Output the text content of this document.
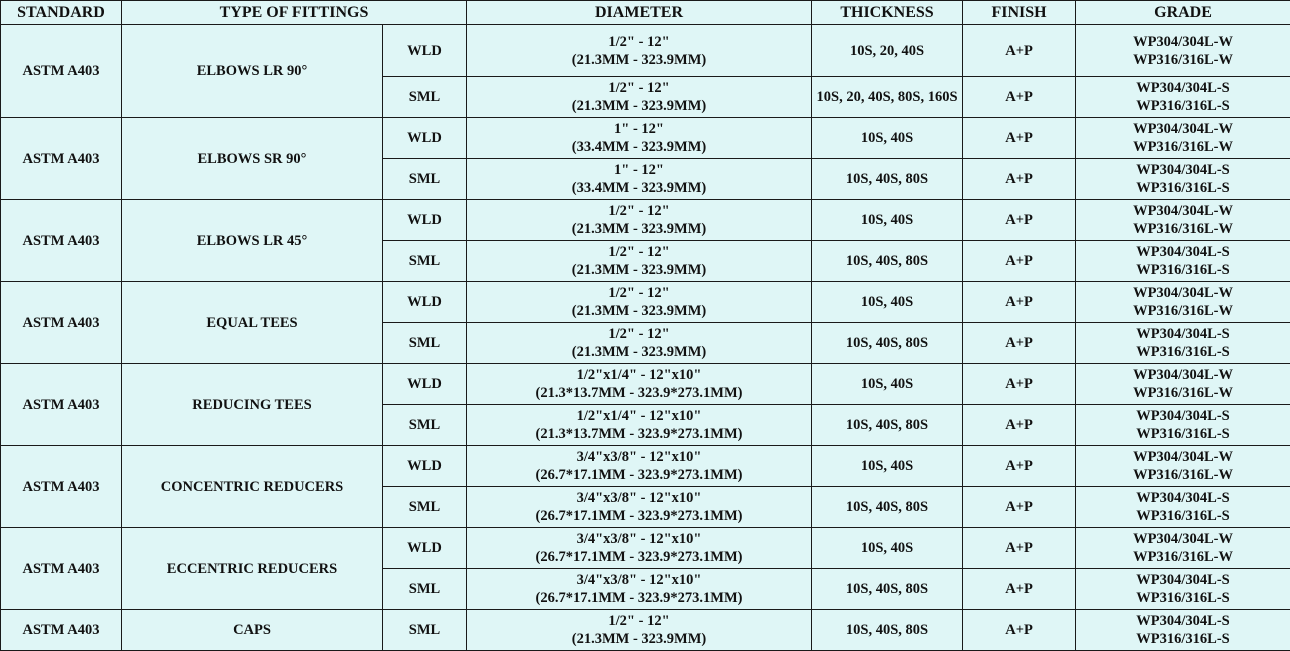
STANDARD	TYPE OF FITTINGS		DIAMETER	THICKNESS	FINISH	GRADE
ASTM A403	ELBOWS LR 90°	WLD	1/2" - 12"
(21.3MM - 323.9MM)	10S, 20, 40S	A+P	WP304/304L-W
WP316/316L-W

		SML	1/2" - 12"
(21.3MM - 323.9MM)	10S, 20, 40S, 80S, 160S	A+P	WP304/304L-S
WP316/316L-S

ASTM A403	ELBOWS SR 90°	WLD	1" - 12"
(33.4MM - 323.9MM)	10S, 40S	A+P	WP304/304L-W
WP316/316L-W

		SML	1" - 12"
(33.4MM - 323.9MM)	10S, 40S, 80S	A+P	WP304/304L-S
WP316/316L-S

ASTM A403	ELBOWS LR 45°	WLD	1/2" - 12"
(21.3MM - 323.9MM)	10S, 40S	A+P	WP304/304L-W
WP316/316L-W

		SML	1/2" - 12"
(21.3MM - 323.9MM)	10S, 40S, 80S	A+P	WP304/304L-S
WP316/316L-S

ASTM A403	EQUAL TEES	WLD	1/2" - 12"
(21.3MM - 323.9MM)	10S, 40S	A+P	WP304/304L-W
WP316/316L-W

		SML	1/2" - 12"
(21.3MM - 323.9MM)	10S, 40S, 80S	A+P	WP304/304L-S
WP316/316L-S

ASTM A403	REDUCING TEES	WLD	1/2"x1/4" - 12"x10"
(21.3*13.7MM - 323.9*273.1MM)	10S, 40S	A+P	WP304/304L-W
WP316/316L-W

		SML	1/2"x1/4" - 12"x10"
(21.3*13.7MM - 323.9*273.1MM)	10S, 40S, 80S	A+P	WP304/304L-S
WP316/316L-S

ASTM A403	CONCENTRIC REDUCERS	WLD	3/4"x3/8" - 12"x10"
(26.7*17.1MM - 323.9*273.1MM)	10S, 40S	A+P	WP304/304L-W
WP316/316L-W

		SML	3/4"x3/8" - 12"x10"
(26.7*17.1MM - 323.9*273.1MM)	10S, 40S, 80S	A+P	WP304/304L-S
WP316/316L-S

ASTM A403	ECCENTRIC REDUCERS	WLD	3/4"x3/8" - 12"x10"
(26.7*17.1MM - 323.9*273.1MM)	10S, 40S	A+P	WP304/304L-W
WP316/316L-W

		SML	3/4"x3/8" - 12"x10"
(26.7*17.1MM - 323.9*273.1MM)	10S, 40S, 80S	A+P	WP304/304L-S
WP316/316L-S

ASTM A403	CAPS	SML	1/2" - 12"
(21.3MM - 323.9MM)	10S, 40S, 80S	A+P	WP304/304L-S
WP316/316L-S
